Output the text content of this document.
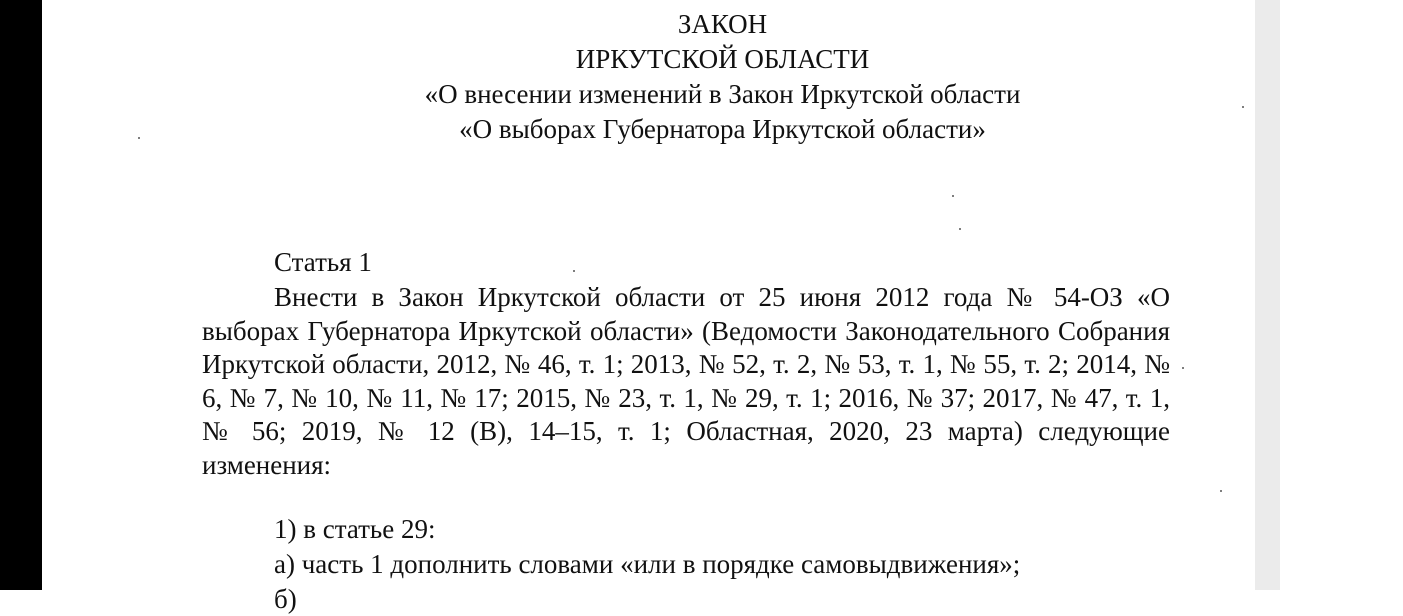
ЗАКОН
ИРКУТСКОЙ ОБЛАСТИ
«О внесении изменений в Закон Иркутской области
«О выборах Губернатора Иркутской области»
Статья 1
Внести в Закон Иркутской области от 25 июня 2012 года № 54-ОЗ «О выборах Губернатора Иркутской области» (Ведомости Законодательного Собрания Иркутской области, 2012, № 46, т. 1; 2013, № 52, т. 2, № 53, т. 1, № 55, т. 2; 2014, № 6, № 7, № 10, № 11, № 17; 2015, № 23, т. 1, № 29, т. 1; 2016, № 37; 2017, № 47, т. 1, № 56; 2019, № 12 (В), 14–15, т. 1; Областная, 2020, 23 марта) следующие изменения:
1) в статье 29:
а) часть 1 дополнить словами «или в порядке самовыдвижения»;
б)
